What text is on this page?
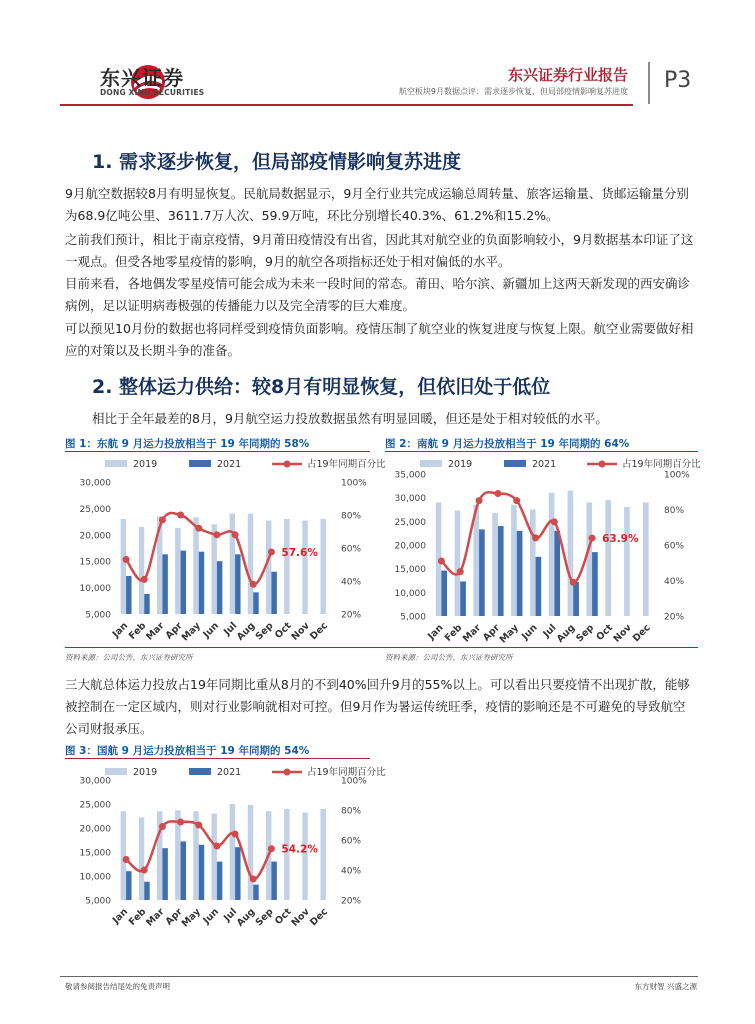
东兴证券
DONG XING SECURITIES
东兴证券行业报告
航空板块9月数据点评：需求逐步恢复，但局部疫情影响复苏进度 P3
1. 需求逐步恢复，但局部疫情影响复苏进度
9月航空数据较8月有明显恢复。民航局数据显示，9月全行业共完成运输总周转量、旅客运输量、货邮运输量分别为68.9亿吨公里、3611.7万人次、59.9万吨，环比分别增长40.3%、61.2%和15.2%。
之前我们预计，相比于南京疫情，9月莆田疫情没有出省，因此其对航空业的负面影响较小，9月数据基本印证了这一观点。但受各地零星疫情的影响，9月的航空各项指标还处于相对偏低的水平。
目前来看，各地偶发零星疫情可能会成为未来一段时间的常态。莆田、哈尔滨、新疆加上这两天新发现的西安确诊病例，足以证明病毒极强的传播能力以及完全清零的巨大难度。
可以预见10月份的数据也将同样受到疫情负面影响。疫情压制了航空业的恢复进度与恢复上限。航空业需要做好相应的对策以及长期斗争的准备。
2. 整体运力供给：较8月有明显恢复，但依旧处于低位
相比于全年最差的8月，9月航空运力投放数据虽然有明显回暖，但还是处于相对较低的水平。
图 1：东航 9 月运力投放相当于 19 年同期的 58%
2019	2021	占19年同期百分比
5,000
10,000
15,000
20,000
25,000
30,000
20%
40%
60%
80%
100%
Jan
Feb
Mar
Apr
May
Jun Jul
Aug
Sep
Oct
Nov
Dec
57.6%
图 2：南航 9 月运力投放相当于 19 年同期的 64%
2019	2021	占19年同期百分比
5,000
10,000
15,000
20,000
25,000
30,000
35,000
20%
40%
60%
80%
100%
Jan
Feb
Mar
Apr
May
Jun Jul
Aug
Sep
Oct
Nov
Dec
63.9%
资料来源：公司公告，东兴证券研究所	资料来源：公司公告，东兴证券研究所
三大航总体运力投放占19年同期比重从8月的不到40%回升9月的55%以上。可以看出只要疫情不出现扩散，能够被控制在一定区域内，则对行业影响就相对可控。但9月作为暑运传统旺季，疫情的影响还是不可避免的导致航空公司财报承压。
图 3：国航 9 月运力投放相当于 19 年同期的 54%
2019	2021	占19年同期百分比
5,000
10,000
15,000
20,000
25,000
30,000
20%
40%
60%
80%
100%
Jan
Feb
Mar
Apr
May
Jun Jul
Aug
Sep
Oct
Nov
Dec
54.2%
敬请参阅报告结尾处的免责声明	东方财智 兴盛之源
